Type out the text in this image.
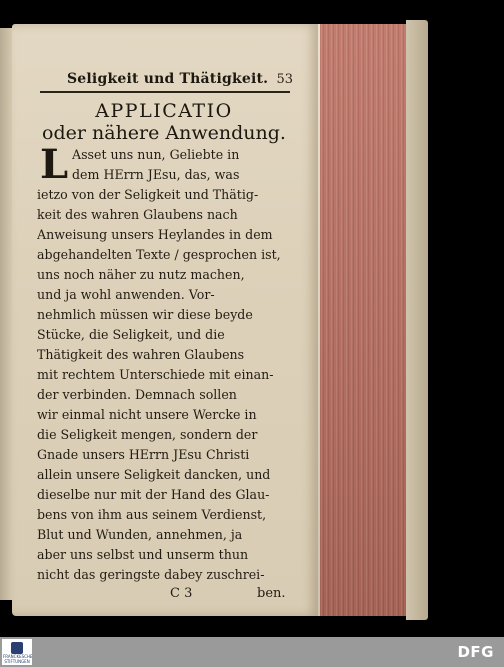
Seligkeit und Thätigkeit. 53
APPLICATIO
oder nähere Anwendung.
L Asset uns nun, Geliebte in
dem HErrn JEsu, das, was
ietzo von der Seligkeit und Thätig-
keit des wahren Glaubens nach
Anweisung unsers Heylandes in dem
abgehandelten Texte / gesprochen ist,
uns noch näher zu nutz machen,
und ja wohl anwenden. Vor-
nehmlich müssen wir diese beyde
Stücke, die Seligkeit, und die
Thätigkeit des wahren Glaubens
mit rechtem Unterschiede mit einan-
der verbinden. Demnach sollen
wir einmal nicht unsere Wercke in
die Seligkeit mengen, sondern der
Gnade unsers HErrn JEsu Christi
allein unsere Seligkeit dancken, und
dieselbe nur mit der Hand des Glau-
bens von ihm aus seinem Verdienst,
Blut und Wunden, annehmen, ja
aber uns selbst und unserm thun
nicht das geringste dabey zuschrei-
C 3	ben.
FRANCKESCHE STIFTUNGEN	DFG
